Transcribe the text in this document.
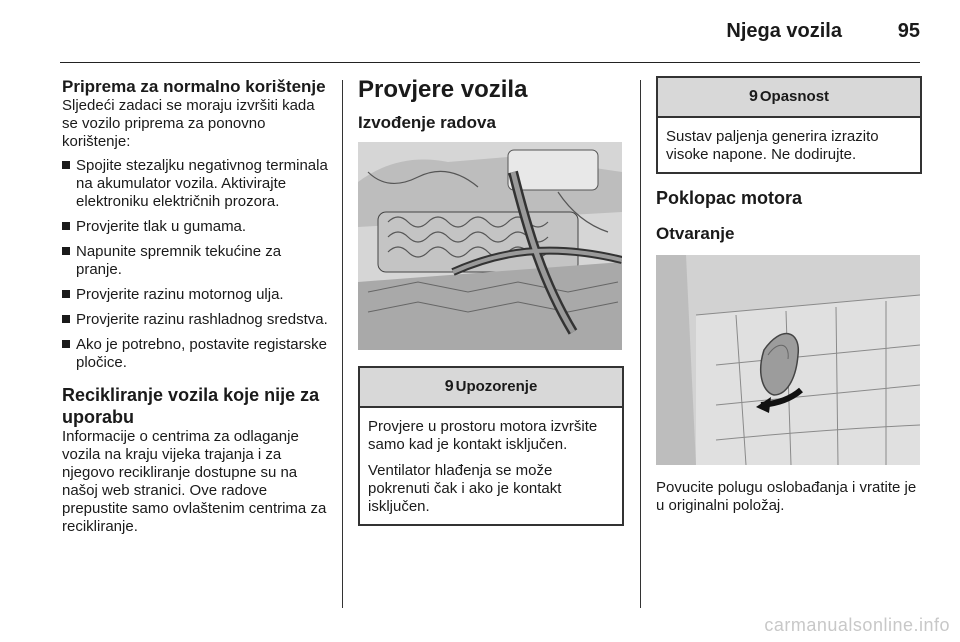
Njega vozila	95
Priprema za normalno korištenje
Sljedeći zadaci se moraju izvršiti kada se vozilo priprema za ponovno korištenje:
Spojite stezaljku negativnog terminala na akumulator vozila. Aktivirajte elektroniku električnih prozora.
Provjerite tlak u gumama.
Napunite spremnik tekućine za pranje.
Provjerite razinu motornog ulja.
Provjerite razinu rashladnog sredstva.
Ako je potrebno, postavite registarske pločice.
Recikliranje vozila koje nije za uporabu
Informacije o centrima za odlaganje vozila na kraju vijeka trajanja i za njegovo recikliranje dostupne su na našoj web stranici. Ove radove prepustite samo ovlaštenim centrima za recikliranje.
Provjere vozila
Izvođenje radova
9 Upozorenje
Provjere u prostoru motora izvršite samo kad je kontakt isključen.
Ventilator hlađenja se može pokrenuti čak i ako je kontakt isključen.
9 Opasnost
Sustav paljenja generira izrazito visoke napone. Ne dodirujte.
Poklopac motora
Otvaranje
Povucite polugu oslobađanja i vratite je u originalni položaj.
carmanualsonline.info
